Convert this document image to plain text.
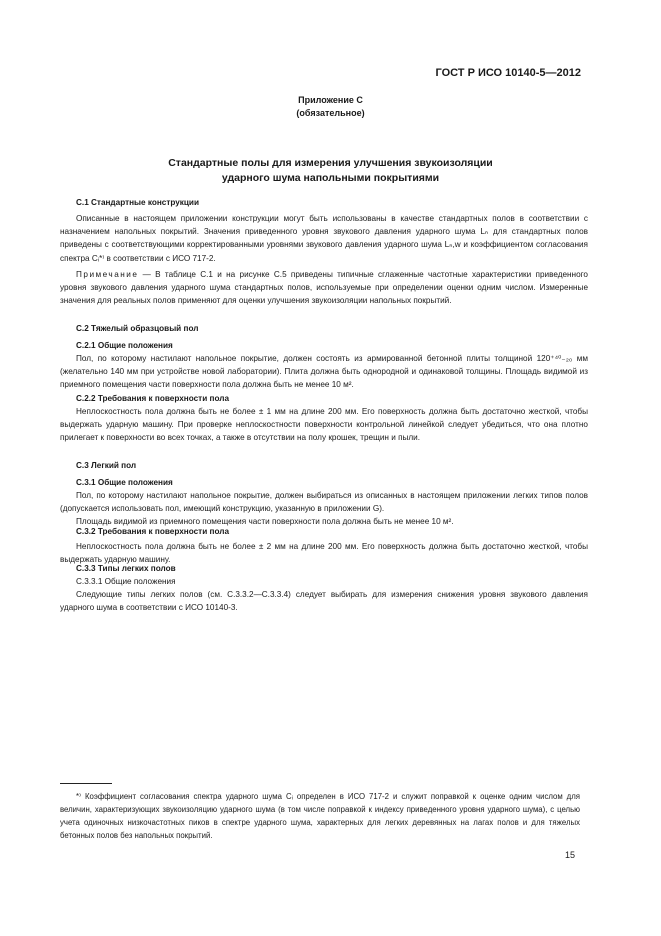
ГОСТ Р ИСО 10140-5—2012
Приложение С
(обязательное)
Стандартные полы для измерения улучшения звукоизоляции
ударного шума напольными покрытиями
С.1 Стандартные конструкции
Описанные в настоящем приложении конструкции могут быть использованы в качестве стандартных полов в соответствии с назначением напольных покрытий. Значения приведенного уровня звукового давления ударного шума Lₙ для стандартных полов приведены с соответствующими корректированными уровнями звукового давления ударного шума Lₙ,w и коэффициентом согласования спектра Cᵢ*⁾ в соответствии с ИСО 717-2.
Примечание — В таблице С.1 и на рисунке С.5 приведены типичные сглаженные частотные характеристики приведенного уровня звукового давления ударного шума стандартных полов, используемые при определении оценки одним числом. Измеренные значения для реальных полов применяют для оценки улучшения звукоизоляции напольных покрытий.
С.2 Тяжелый образцовый пол
С.2.1 Общие положения
Пол, по которому настилают напольное покрытие, должен состоять из армированной бетонной плиты толщиной 120⁺⁴⁰₋₂₀ мм (желательно 140 мм при устройстве новой лаборатории). Плита должна быть однородной и одинаковой толщины. Площадь видимой из приемного помещения части поверхности пола должна быть не менее 10 м².
С.2.2 Требования к поверхности пола
Неплоскостность пола должна быть не более ± 1 мм на длине 200 мм. Его поверхность должна быть достаточно жесткой, чтобы выдержать ударную машину. При проверке неплоскостности поверхности контрольной линейкой следует убедиться, что она плотно прилегает к поверхности во всех точках, а также в отсутствии на полу крошек, трещин и пыли.
С.3 Легкий пол
С.3.1 Общие положения
Пол, по которому настилают напольное покрытие, должен выбираться из описанных в настоящем приложении легких типов полов (допускается использовать пол, имеющий конструкцию, указанную в приложении G).
Площадь видимой из приемного помещения части поверхности пола должна быть не менее 10 м².
С.3.2 Требования к поверхности пола
Неплоскостность пола должна быть не более ± 2 мм на длине 200 мм. Его поверхность должна быть достаточно жесткой, чтобы выдержать ударную машину.
С.3.3 Типы легких полов
С.3.3.1 Общие положения
Следующие типы легких полов (см. С.3.3.2—С.3.3.4) следует выбирать для измерения снижения уровня звукового давления ударного шума в соответствии с ИСО 10140-3.
*⁾ Коэффициент согласования спектра ударного шума Cᵢ определен в ИСО 717-2 и служит поправкой к оценке одним числом для величин, характеризующих звукоизоляцию ударного шума (в том числе поправкой к индексу приведенного уровня ударного шума), с целью учета одиночных низкочастотных пиков в спектре ударного шума, характерных для легких деревянных на лагах полов и для тяжелых бетонных полов без напольных покрытий.
15
